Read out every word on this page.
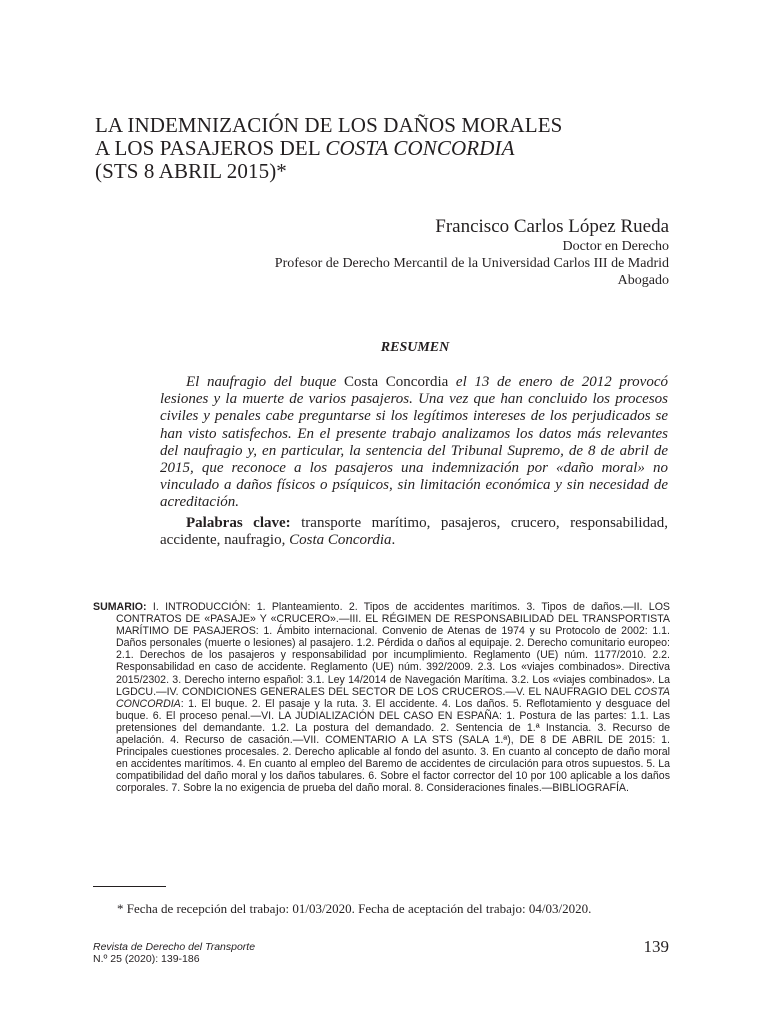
LA INDEMNIZACIÓN DE LOS DAÑOS MORALES
A LOS PASAJEROS DEL COSTA CONCORDIA
(STS 8 ABRIL 2015)*
Francisco Carlos López Rueda
Doctor en Derecho
Profesor de Derecho Mercantil de la Universidad Carlos III de Madrid
Abogado
RESUMEN
El naufragio del buque Costa Concordia el 13 de enero de 2012 provocó lesiones y la muerte de varios pasajeros. Una vez que han concluido los procesos civiles y penales cabe preguntarse si los legítimos intereses de los perjudicados se han visto satisfechos. En el presente trabajo analizamos los datos más relevantes del naufragio y, en particular, la sentencia del Tribunal Supremo, de 8 de abril de 2015, que reconoce a los pasajeros una indemnización por «daño moral» no vinculado a daños físicos o psíquicos, sin limitación económica y sin necesidad de acreditación.
Palabras clave: transporte marítimo, pasajeros, crucero, responsabilidad, accidente, naufragio, Costa Concordia.
SUMARIO: I. INTRODUCCIÓN: 1. Planteamiento. 2. Tipos de accidentes marítimos. 3. Tipos de daños.—II. LOS CONTRATOS DE «PASAJE» Y «CRUCERO».—III. EL RÉGIMEN DE RESPONSABILIDAD DEL TRANSPORTISTA MARÍTIMO DE PASAJEROS: 1. Ámbito internacional. Convenio de Atenas de 1974 y su Protocolo de 2002: 1.1. Daños personales (muerte o lesiones) al pasajero. 1.2. Pérdida o daños al equipaje. 2. Derecho comunitario europeo: 2.1. Derechos de los pasajeros y responsabilidad por incumplimiento. Reglamento (UE) núm. 1177/2010. 2.2. Responsabilidad en caso de accidente. Reglamento (UE) núm. 392/2009. 2.3. Los «viajes combinados». Directiva 2015/2302. 3. Derecho interno español: 3.1. Ley 14/2014 de Navegación Marítima. 3.2. Los «viajes combinados». La LGDCU.—IV. CONDICIONES GENERALES DEL SECTOR DE LOS CRUCEROS.—V. EL NAUFRAGIO DEL COSTA CONCORDIA: 1. El buque. 2. El pasaje y la ruta. 3. El accidente. 4. Los daños. 5. Reflotamiento y desguace del buque. 6. El proceso penal.—VI. LA JUDIALIZACIÓN DEL CASO EN ESPAÑA: 1. Postura de las partes: 1.1. Las pretensiones del demandante. 1.2. La postura del demandado. 2. Sentencia de 1.ª Instancia. 3. Recurso de apelación. 4. Recurso de casación.—VII. COMENTARIO A LA STS (SALA 1.ª), DE 8 DE ABRIL DE 2015: 1. Principales cuestiones procesales. 2. Derecho aplicable al fondo del asunto. 3. En cuanto al concepto de daño moral en accidentes marítimos. 4. En cuanto al empleo del Baremo de accidentes de circulación para otros supuestos. 5. La compatibilidad del daño moral y los daños tabulares. 6. Sobre el factor corrector del 10 por 100 aplicable a los daños corporales. 7. Sobre la no exigencia de prueba del daño moral. 8. Consideraciones finales.—BIBLIOGRAFÍA.
* Fecha de recepción del trabajo: 01/03/2020. Fecha de aceptación del trabajo: 04/03/2020.
Revista de Derecho del Transporte
N.º 25 (2020): 139-186
139
